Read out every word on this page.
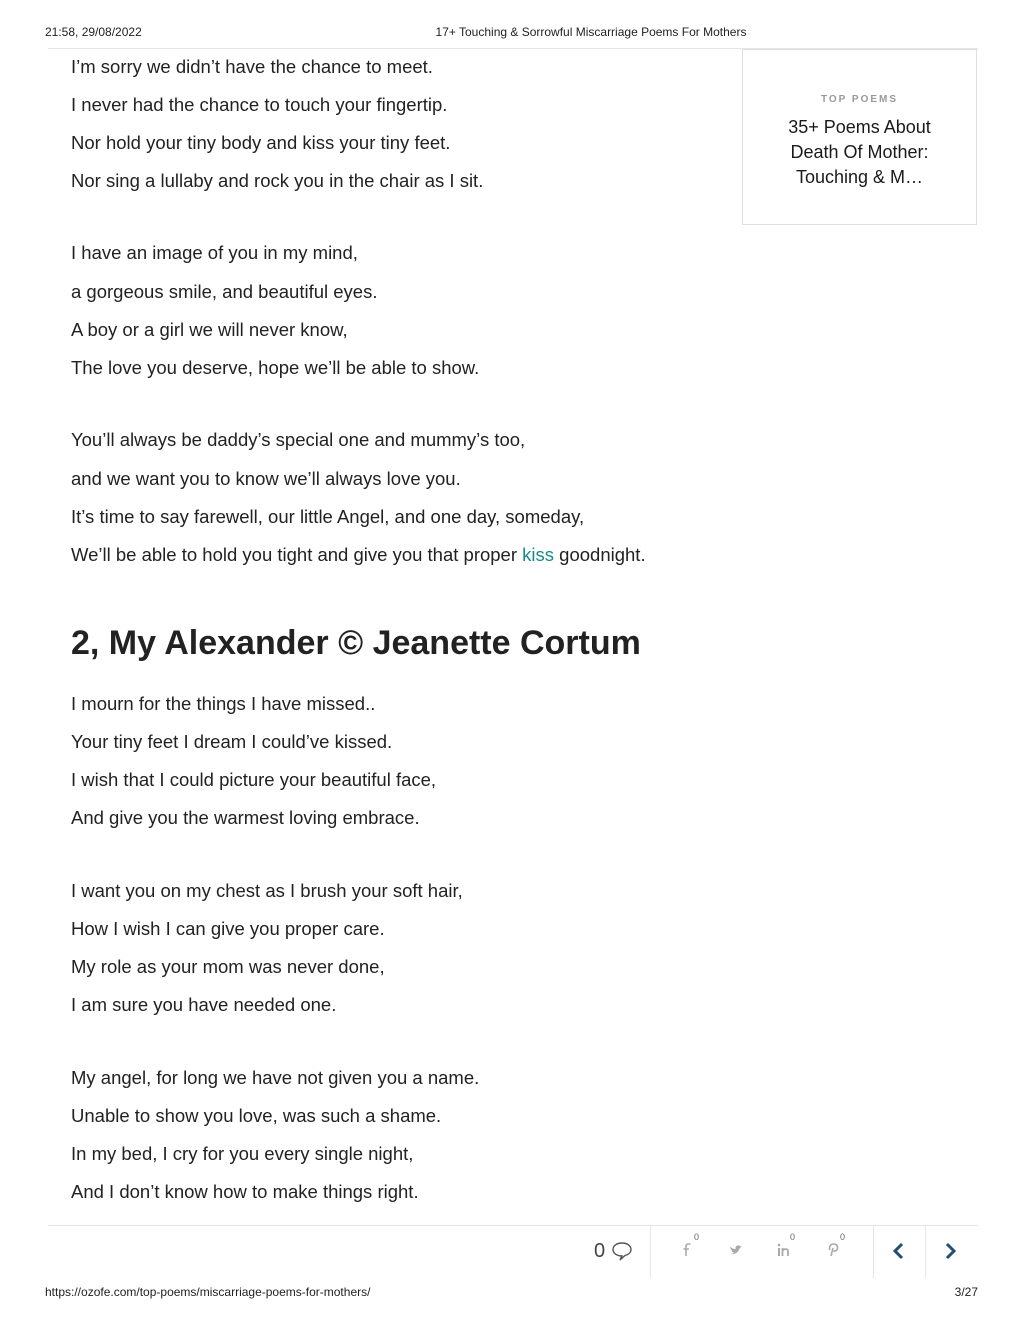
21:58, 29/08/2022	17+ Touching & Sorrowful Miscarriage Poems For Mothers
TOP POEMS
35+ Poems About Death Of Mother: Touching & M…
I’m sorry we didn’t have the chance to meet.
I never had the chance to touch your fingertip.
Nor hold your tiny body and kiss your tiny feet.
Nor sing a lullaby and rock you in the chair as I sit.
I have an image of you in my mind,
a gorgeous smile, and beautiful eyes.
A boy or a girl we will never know,
The love you deserve, hope we’ll be able to show.
You’ll always be daddy’s special one and mummy’s too,
and we want you to know we’ll always love you.
It’s time to say farewell, our little Angel, and one day, someday,
We’ll be able to hold you tight and give you that proper kiss goodnight.
2, My Alexander © Jeanette Cortum
I mourn for the things I have missed..
Your tiny feet I dream I could’ve kissed.
I wish that I could picture your beautiful face,
And give you the warmest loving embrace.
I want you on my chest as I brush your soft hair,
How I wish I can give you proper care.
My role as your mom was never done,
I am sure you have needed one.
My angel, for long we have not given you a name.
Unable to show you love, was such a shame.
In my bed, I cry for you every single night,
And I don’t know how to make things right.
0
0	0	0
https://ozofe.com/top-poems/miscarriage-poems-for-mothers/	3/27
